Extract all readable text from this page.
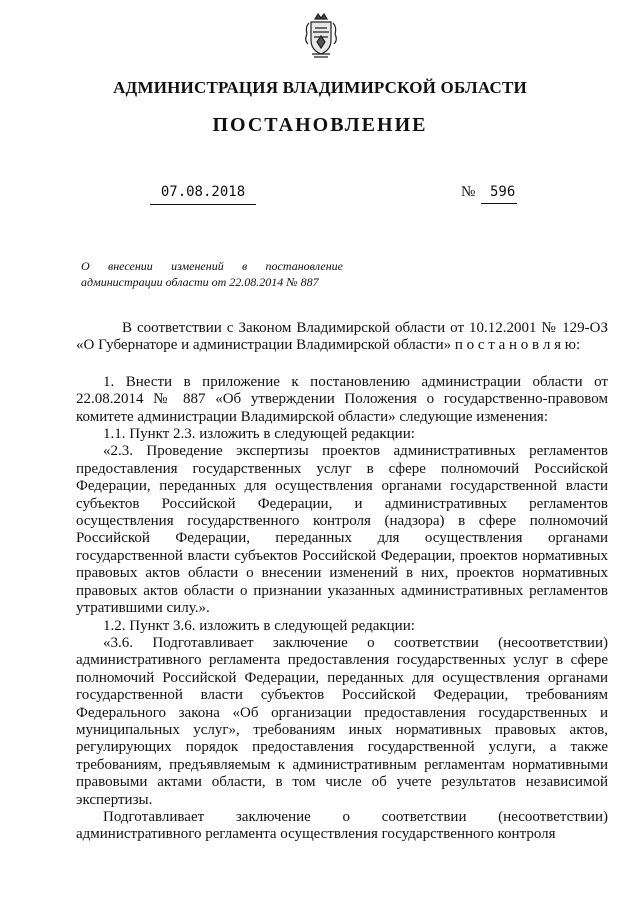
АДМИНИСТРАЦИЯ ВЛАДИМИРСКОЙ ОБЛАСТИ
ПОСТАНОВЛЕНИЕ
07.08.2018	№ 596
О внесении изменений в постановление администрации области от 22.08.2014 № 887

В соответствии с Законом Владимирской области от 10.12.2001 № 129-ОЗ «О Губернаторе и администрации Владимирской области» п о с т а н о в л я ю:

1. Внести в приложение к постановлению администрации области от 22.08.2014 № 887 «Об утверждении Положения о государственно-правовом комитете администрации Владимирской области» следующие изменения:

1.1. Пункт 2.3. изложить в следующей редакции:

«2.3. Проведение экспертизы проектов административных регламентов предоставления государственных услуг в сфере полномочий Российской Федерации, переданных для осуществления органами государственной власти субъектов Российской Федерации, и административных регламентов осуществления государственного контроля (надзора) в сфере полномочий Российской Федерации, переданных для осуществления органами государственной власти субъектов Российской Федерации, проектов нормативных правовых актов области о внесении изменений в них, проектов нормативных правовых актов области о признании указанных административных регламентов утратившими силу.».

1.2. Пункт 3.6. изложить в следующей редакции:

«3.6. Подготавливает заключение о соответствии (несоответствии) административного регламента предоставления государственных услуг в сфере полномочий Российской Федерации, переданных для осуществления органами государственной власти субъектов Российской Федерации, требованиям Федерального закона «Об организации предоставления государственных и муниципальных услуг», требованиям иных нормативных правовых актов, регулирующих порядок предоставления государственной услуги, а также требованиям, предъявляемым к административным регламентам нормативными правовыми актами области, в том числе об учете результатов независимой экспертизы.

Подготавливает заключение о соответствии (несоответствии) административного регламента осуществления государственного контроля
